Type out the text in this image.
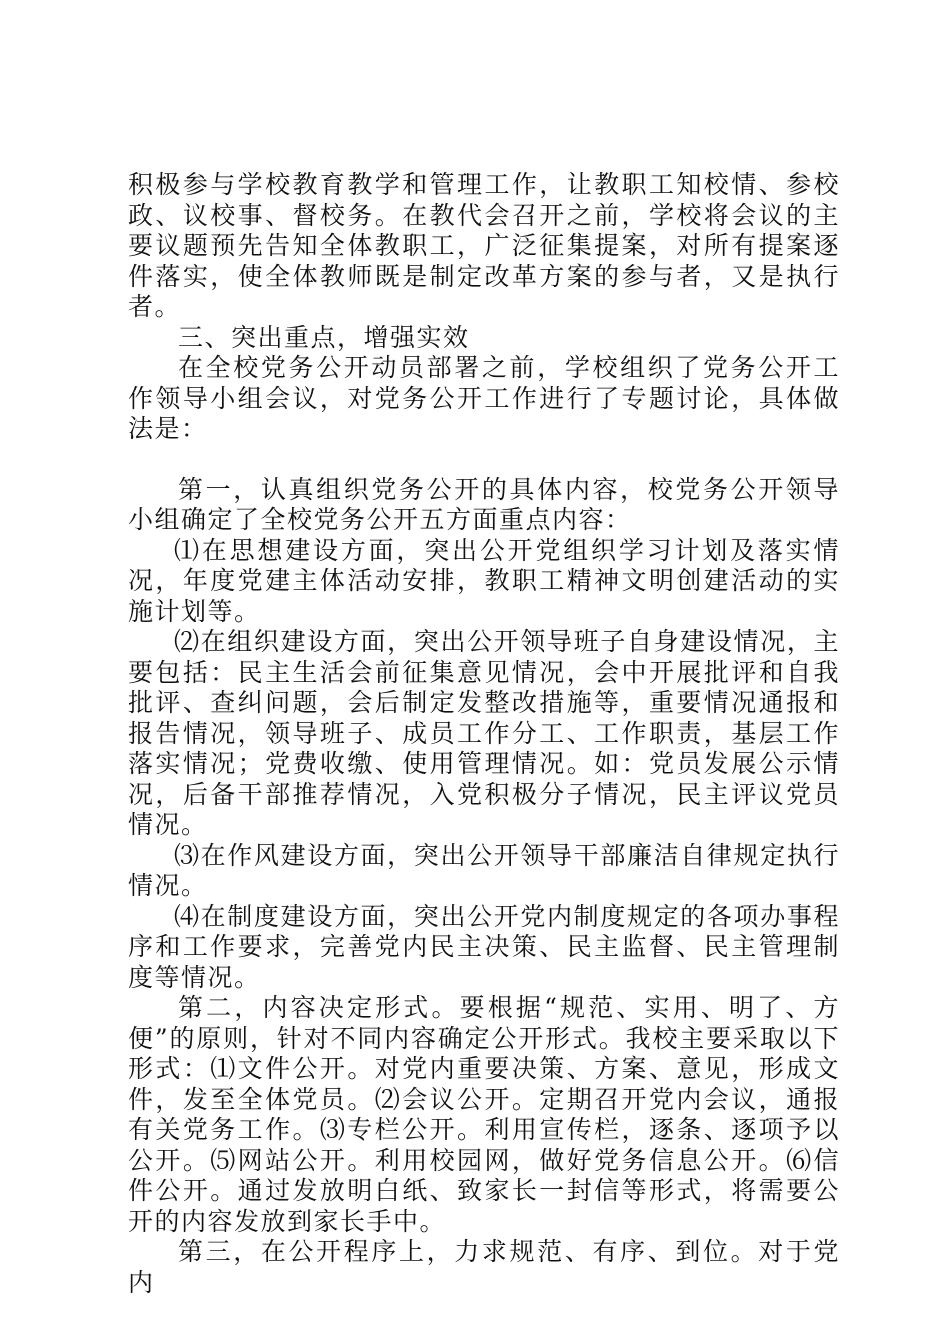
积极参与学校教育教学和管理工作，让教职工知校情、参校政、议校事、督校务。在教代会召开之前，学校将会议的主要议题预先告知全体教职工，广泛征集提案，对所有提案逐件落实，使全体教师既是制定改革方案的参与者，又是执行者。

三、突出重点，增强实效

在全校党务公开动员部署之前，学校组织了党务公开工作领导小组会议，对党务公开工作进行了专题讨论，具体做法是：

第一，认真组织党务公开的具体内容，校党务公开领导小组确定了全校党务公开五方面重点内容：

⑴在思想建设方面，突出公开党组织学习计划及落实情况，年度党建主体活动安排，教职工精神文明创建活动的实施计划等。

⑵在组织建设方面，突出公开领导班子自身建设情况，主要包括：民主生活会前征集意见情况，会中开展批评和自我批评、查纠问题，会后制定发整改措施等，重要情况通报和报告情况，领导班子、成员工作分工、工作职责，基层工作落实情况；党费收缴、使用管理情况。如：党员发展公示情况，后备干部推荐情况，入党积极分子情况，民主评议党员情况。

⑶在作风建设方面，突出公开领导干部廉洁自律规定执行情况。

⑷在制度建设方面，突出公开党内制度规定的各项办事程序和工作要求，完善党内民主决策、民主监督、民主管理制度等情况。

第二，内容决定形式。要根据“规范、实用、明了、方便”的原则，针对不同内容确定公开形式。我校主要采取以下形式：⑴文件公开。对党内重要决策、方案、意见，形成文件，发至全体党员。⑵会议公开。定期召开党内会议，通报有关党务工作。⑶专栏公开。利用宣传栏，逐条、逐项予以公开。⑸网站公开。利用校园网，做好党务信息公开。⑹信件公开。通过发放明白纸、致家长一封信等形式，将需要公开的内容发放到家长手中。

第三，在公开程序上，力求规范、有序、到位。对于党内
